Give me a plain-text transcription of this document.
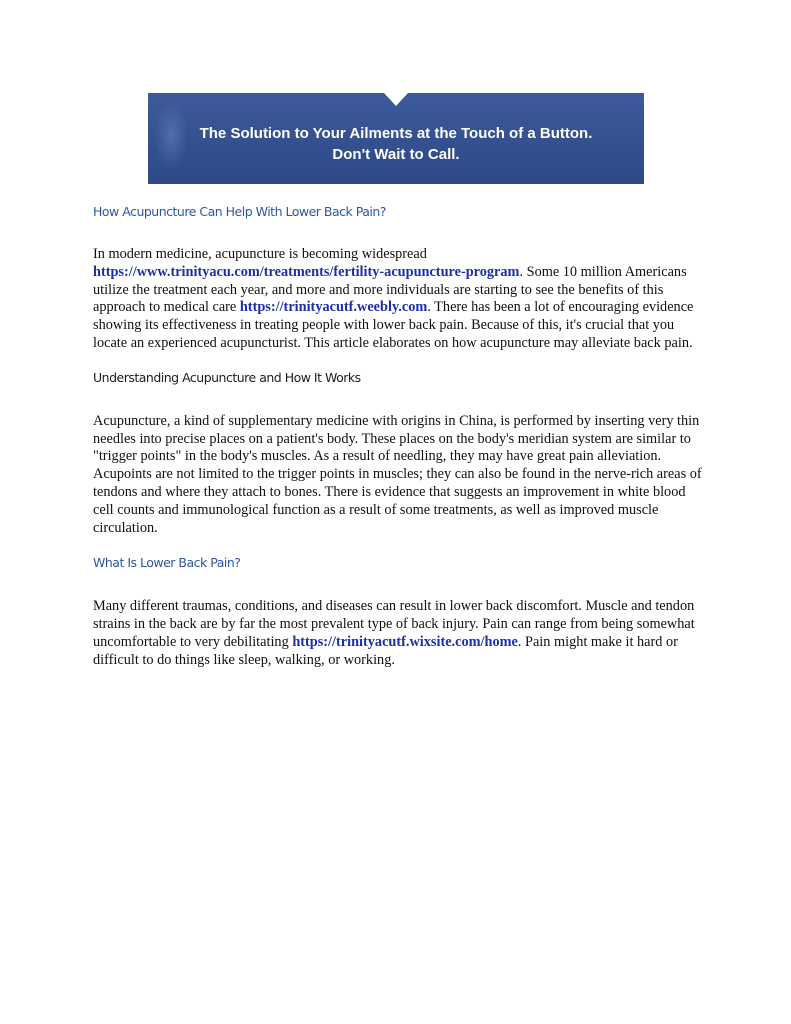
The Solution to Your Ailments at the Touch of a Button.
Don't Wait to Call.
How Acupuncture Can Help With Lower Back Pain?

In modern medicine, acupuncture is becoming widespread
https://www.trinityacu.com/treatments/fertility-acupuncture-program. Some 10 million Americans utilize the treatment each year, and more and more individuals are starting to see the benefits of this approach to medical care https://trinityacutf.weebly.com. There has been a lot of encouraging evidence showing its effectiveness in treating people with lower back pain. Because of this, it's crucial that you locate an experienced acupuncturist. This article elaborates on how acupuncture may alleviate back pain.

Understanding Acupuncture and How It Works

Acupuncture, a kind of supplementary medicine with origins in China, is performed by inserting very thin needles into precise places on a patient's body. These places on the body's meridian system are similar to "trigger points" in the body's muscles. As a result of needling, they may have great pain alleviation. Acupoints are not limited to the trigger points in muscles; they can also be found in the nerve-rich areas of tendons and where they attach to bones. There is evidence that suggests an improvement in white blood cell counts and immunological function as a result of some treatments, as well as improved muscle circulation.

What Is Lower Back Pain?

Many different traumas, conditions, and diseases can result in lower back discomfort. Muscle and tendon strains in the back are by far the most prevalent type of back injury. Pain can range from being somewhat uncomfortable to very debilitating https://trinityacutf.wixsite.com/home. Pain might make it hard or difficult to do things like sleep, walking, or working.
